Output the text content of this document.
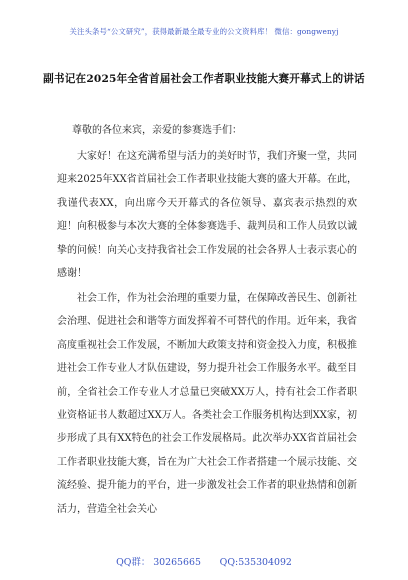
关注头条号“公文研究”，获得最新最全最专业的公文资料库！ 微信：gongwenyj
副书记在2025年全省首届社会工作者职业技能大赛开幕式上的讲话
尊敬的各位来宾，亲爱的参赛选手们：

大家好！在这充满希望与活力的美好时节，我们齐聚一堂，共同迎来2025年XX省首届社会工作者职业技能大赛的盛大开幕。在此，我谨代表XX，向出席今天开幕式的各位领导、嘉宾表示热烈的欢迎！向积极参与本次大赛的全体参赛选手、裁判员和工作人员致以诚挚的问候！向关心支持我省社会工作发展的社会各界人士表示衷心的感谢！

社会工作，作为社会治理的重要力量，在保障改善民生、创新社会治理、促进社会和谐等方面发挥着不可替代的作用。近年来，我省高度重视社会工作发展，不断加大政策支持和资金投入力度，积极推进社会工作专业人才队伍建设，努力提升社会工作服务水平。截至目前，全省社会工作专业人才总量已突破XX万人，持有社会工作者职业资格证书人数超过XX万人。各类社会工作服务机构达到XX家，初步形成了具有XX特色的社会工作发展格局。此次举办XX省首届社会工作者职业技能大赛，旨在为广大社会工作者搭建一个展示技能、交流经验、提升能力的平台，进一步激发社会工作者的职业热情和创新活力，营造全社会关心

QQ群： 30265665　　QQ:535304092
